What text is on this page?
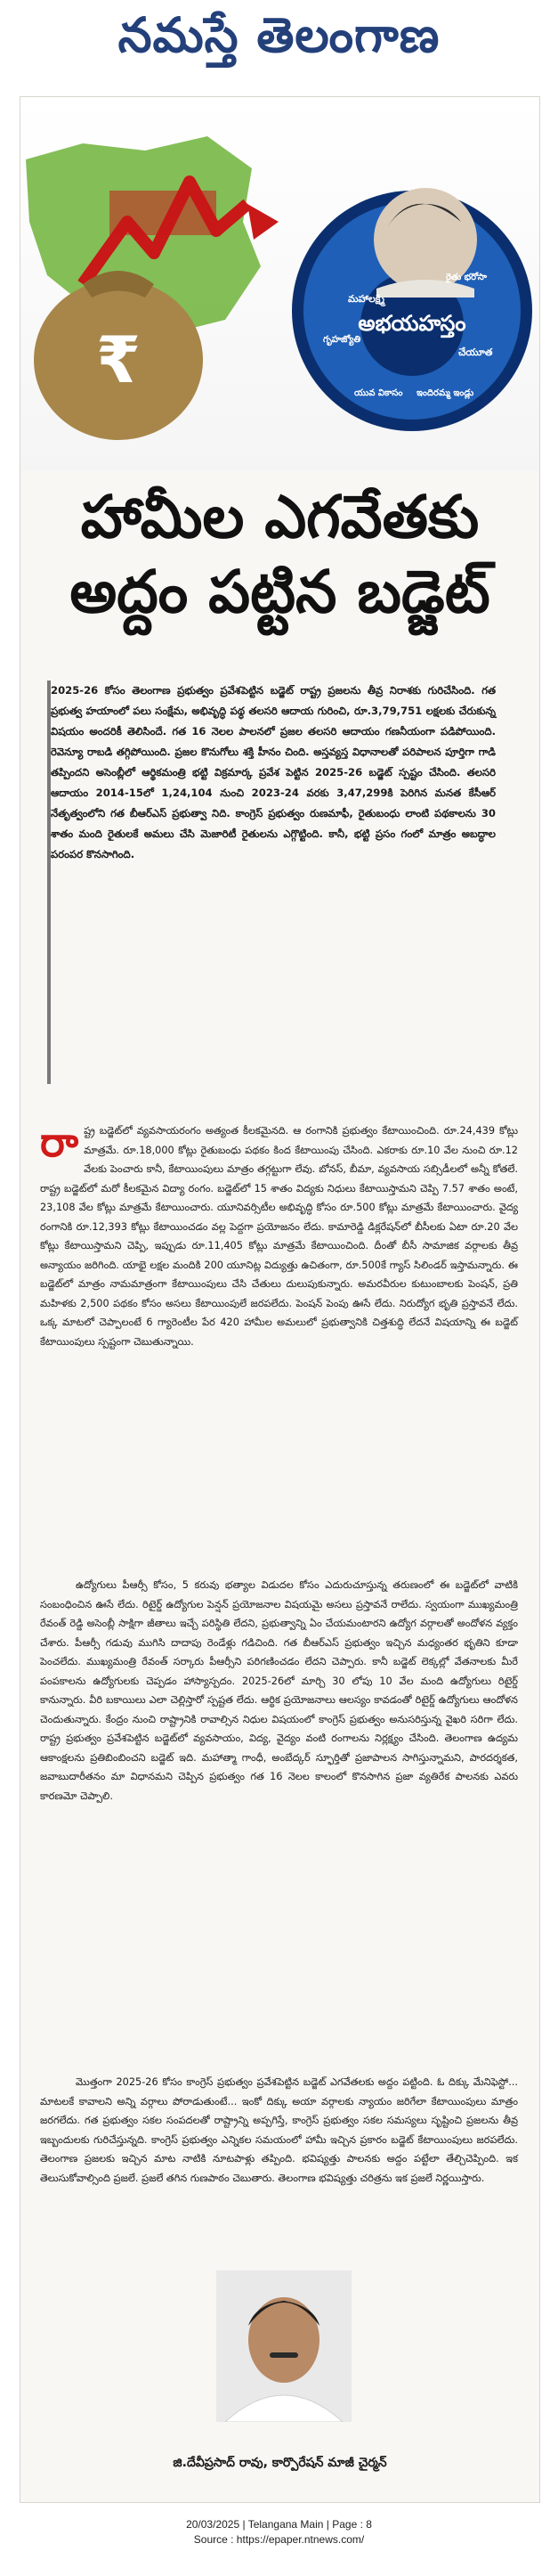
నమస్తే తెలంగాణ
₹	అభయహస్తం
మహాలక్ష్మి
రైతు భరోసా
గృహజ్యోతి
చేయూత
యువ వికాసం ఇందిరమ్మ ఇండ్లు
హామీల ఎగవేతకు
అద్దం పట్టిన బడ్జెట్
2025-26 కోసం తెలంగాణ ప్రభుత్వం ప్రవేశపెట్టిన బడ్జెట్ రాష్ట్ర ప్రజలను తీవ్ర నిరాశకు గురిచేసింది. గత ప్రభుత్వ హయాంలో పలు సంక్షేమ, అభివృద్ధి పథ్ధ తలసరి ఆదాయ గురించి, రూ.3,79,751 లక్షలకు చేరుకున్న విషయం అందరికీ తెలిసిందే. గత 16 నెలల పాలనలో ప్రజల తలసరి ఆదాయం గణనీయంగా పడిపోయింది. రెవెన్యూ రాబడి తగ్గిపోయింది. ప్రజల కొనుగోలు శక్తి హీనం చింది. అస్తవ్యస్త విధానాలతో పరిపాలన పూర్తిగా గాడి తప్పిందని అసెంబ్లీలో ఆర్థికమంత్రి భట్టి విక్రమార్క ప్రవేశ పెట్టిన 2025-26 బడ్జెట్ స్పష్టం చేసింది. తలసరి ఆదాయం 2014-15లో 1,24,104 నుంచి 2023-24 వరకు 3,47,299కి పెరిగిన మనత కేసీఆర్ నేతృత్వంలోని గత బీఆర్ఎస్ ప్రభుత్వా నిది. కాంగ్రెస్ ప్రభుత్వం రుణమాఫీ, రైతుబంధు లాంటి పథకాలను 30 శాతం మంది రైతులకే అమలు చేసి మెజారిటీ రైతులను ఎగ్గొట్టింది. కానీ, భట్టి ప్రసం గంలో మాత్రం అబద్ధాల పరంపర కొనసాగింది.
రాష్ట్ర బడ్జెట్‌లో వ్యవసాయరంగం అత్యంత కీలకమైనది. ఆ రంగానికి ప్రభుత్వం కేటాయించింది. రూ.24,439 కోట్లు మాత్రమే. రూ.18,000 కోట్లు రైతుబంధు పథకం కింద కేటాయింపు చేసింది. ఎకరాకు రూ.10 వేల నుంచి రూ.12 వేలకు పెంచారు కానీ, కేటాయింపులు మాత్రం తగ్గట్టుగా లేవు. బోనస్, బీమా, వ్యవసాయ సబ్సిడీలలో అన్నీ కోతలే. రాష్ట్ర బడ్జెట్‌లో మరో కీలకమైన విద్యా రంగం. బడ్జెట్‌లో 15 శాతం విద్యకు నిధులు కేటాయిస్తామని చెప్పి 7.57 శాతం అంటే, 23,108 వేల కోట్లు మాత్రమే కేటాయించారు. యూనివర్సిటీల అభివృద్ధి కోసం రూ.500 కోట్లు మాత్రమే కేటాయించారు. వైద్య రంగానికి రూ.12,393 కోట్లు కేటాయించడం వల్ల పెద్దగా ప్రయోజనం లేదు. కామారెడ్డి డిక్లరేషన్‌లో బీసీలకు ఏటా రూ.20 వేల కోట్లు కేటాయిస్తామని చెప్పి, ఇప్పుడు రూ.11,405 కోట్లు మాత్రమే కేటాయించింది. దీంతో బీసీ సామాజిక వర్గాలకు తీవ్ర అన్యాయం జరిగింది. యాభై లక్షల మందికి 200 యూనిట్ల విద్యుత్తు ఉచితంగా, రూ.500కే గ్యాస్ సిలిండర్ ఇస్తామన్నారు. ఈ బడ్జెట్‌లో మాత్రం నామమాత్రంగా కేటాయింపులు చేసి చేతులు దులుపుకున్నారు. అమరవీరుల కుటుంబాలకు పెంషన్, ప్రతి మహిళకు 2,500 పథకం కోసం అసలు కేటాయింపులే జరపలేదు. పెంషన్ పెంపు ఊసే లేదు. నిరుద్యోగ భృతి ప్రస్తావనే లేదు. ఒక్క మాటలో చెప్పాలంటే 6 గ్యారెంటీల పేర 420 హామీల అమలులో ప్రభుత్వానికి చిత్తశుద్ధి లేదనే విషయాన్ని ఈ బడ్జెట్ కేటాయింపులు స్పష్టంగా చెబుతున్నాయి.
ఉద్యోగులు పీఆర్సీ కోసం, 5 కరువు భత్యాల విడుదల కోసం ఎదురుచూస్తున్న తరుణంలో ఈ బడ్జెట్‌లో వాటికి సంబంధించిన ఊసే లేదు. రిటైర్డ్ ఉద్యోగుల పెన్షన్ ప్రయోజనాల విషయమై అసలు ప్రస్తావనే రాలేదు. స్వయంగా ముఖ్యమంత్రి రేవంత్ రెడ్డి అసెంబ్లీ సాక్షిగా జీతాలు ఇచ్చే పరిస్థితి లేదని, ప్రభుత్వాన్ని ఏం చేయమంటారని ఉద్యోగ వర్గాలతో అందోళన వ్యక్తం చేశారు. పీఆర్సీ గడువు ముగిసి దాదాపు రెండేళ్లు గడిచింది. గత బీఆర్ఎస్ ప్రభుత్వం ఇచ్చిన మధ్యంతర భృతిని కూడా పెంచలేదు. ముఖ్యమంత్రి రేవంత్ సర్కారు పీఆర్సీని పరిగణించడం లేదని చెప్పారు. కానీ బడ్జెట్ లెక్కల్లో వేతనాలకు మీరే పంపకాలను ఉద్యోగులకు చెప్పడం హాస్యాస్పదం. 2025-26లో మార్చి 30 లోపు 10 వేల మంది ఉద్యోగులు రిటైర్డ్ కానున్నారు. వీరి బకాయిలు ఎలా చెల్లిస్తారో స్పష్టత లేదు. ఆర్థిక ప్రయోజనాలు ఆలస్యం కావడంతో రిటైర్డ్ ఉద్యోగులు ఆందోళన చెందుతున్నారు. కేంద్రం నుంచి రాష్ట్రానికి రావాల్సిన నిధుల విషయంలో కాంగ్రెస్ ప్రభుత్వం అనుసరిస్తున్న వైఖరి సరిగా లేదు. రాష్ట్ర ప్రభుత్వం ప్రవేశపెట్టిన బడ్జెట్‌లో వ్యవసాయం, విద్య, వైద్యం వంటి రంగాలను నిర్లక్ష్యం చేసింది. తెలంగాణ ఉద్యమ ఆకాంక్షలను ప్రతిబింబించని బడ్జెట్ ఇది. మహాత్మా గాంధీ, అంబేద్కర్ స్ఫూర్తితో ప్రజాపాలన సాగిస్తున్నామని, పారదర్శకత, జవాబుదారీతనం మా విధానమని చెప్పిన ప్రభుత్వం గత 16 నెలల కాలంలో కొనసాగిన ప్రజా వ్యతిరేక పాలనకు ఎవరు కారణమో చెప్పాలి.
మొత్తంగా 2025-26 కోసం కాంగ్రెస్ ప్రభుత్వం ప్రవేశపెట్టిన బడ్జెట్ ఎగవేతలకు అద్దం పట్టింది. ఓ దిక్కు మేనిఫెస్టో... మాటలకే కావాలని అన్ని వర్గాలు పోరాడుతుంటే... ఇంకో దిక్కు అయా వర్గాలకు న్యాయం జరిగేలా కేటాయింపులు మాత్రం జరగలేదు. గత ప్రభుత్వం సకల సంపదలతో రాష్ట్రాన్ని అప్పగిస్తే, కాంగ్రెస్ ప్రభుత్వం సకల సమస్యలు సృష్టించి ప్రజలను తీవ్ర ఇబ్బందులకు గురిచేస్తున్నది. కాంగ్రెస్ ప్రభుత్వం ఎన్నికల సమయంలో హామీ ఇచ్చిన ప్రకారం బడ్జెట్ కేటాయింపులు జరపలేదు. తెలంగాణ ప్రజలకు ఇచ్చిన మాట నాటికి నూటపాళ్లు తప్పింది. భవిష్యత్తు పాలనకు అద్దం పట్టేలా తేల్చిచెప్పింది. ఇక తెలుసుకోవాల్సింది ప్రజలే. ప్రజలే తగిన గుణపాఠం చెబుతారు. తెలంగాణ భవిష్యత్తు చరిత్రను ఇక ప్రజలే నిర్ణయిస్తారు.
జి.దేవీప్రసాద్ రావు, కార్పొరేషన్ మాజీ చైర్మన్
20/03/2025 | Telangana Main | Page : 8
Source : https://epaper.ntnews.com/
